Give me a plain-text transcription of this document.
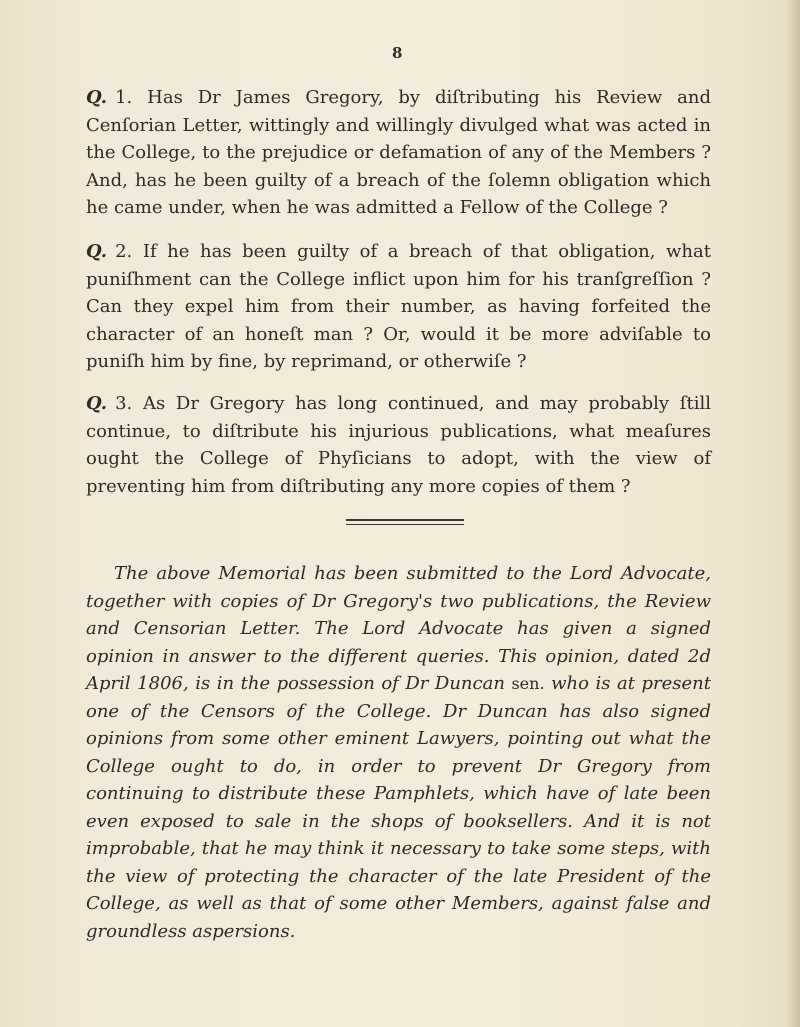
8

Q. 1. Has Dr James Gregory, by diſtributing his Review and Cenſorian Letter, wittingly and willingly divulged what was acted in the College, to the prejudice or defamation of any of the Members ? And, has he been guilty of a breach of the ſolemn obligation which he came under, when he was admitted a Fellow of the College ?

Q. 2. If he has been guilty of a breach of that obligation, what puniſhment can the College inflict upon him for his tranſgreſſion ? Can they expel him from their number, as having forfeited the character of an honeſt man ? Or, would it be more adviſable to puniſh him by fine, by reprimand, or otherwiſe ?

Q. 3. As Dr Gregory has long continued, and may probably ſtill continue, to diſtribute his injurious publications, what meaſures ought the College of Phyſicians to adopt, with the view of preventing him from diſtributing any more copies of them ?

The above Memorial has been submitted to the Lord Advocate, together with copies of Dr Gregory's two publications, the Review and Censorian Letter. The Lord Advocate has given a signed opinion in answer to the different queries. This opinion, dated 2d April 1806, is in the possession of Dr Duncan sen. who is at present one of the Censors of the College. Dr Duncan has also signed opinions from some other eminent Lawyers, pointing out what the College ought to do, in order to prevent Dr Gregory from continuing to distribute these Pamphlets, which have of late been even exposed to sale in the shops of booksellers. And it is not improbable, that he may think it necessary to take some steps, with the view of protecting the character of the late President of the College, as well as that of some other Members, against false and groundless aspersions.
